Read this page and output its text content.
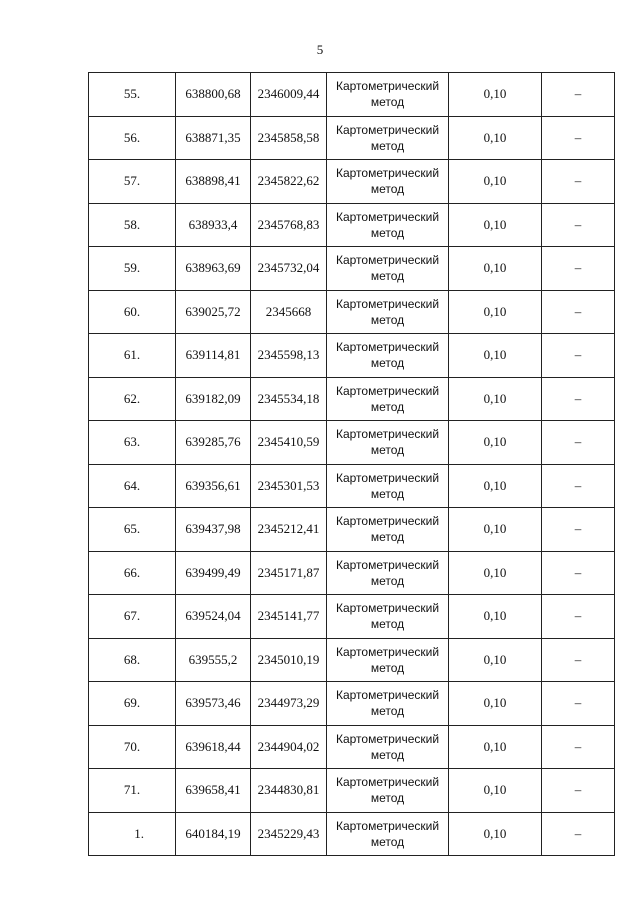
5
55.	638800,68	2346009,44	Картометрический
метод	0,10	–
56.	638871,35	2345858,58	Картометрический
метод	0,10	–
57.	638898,41	2345822,62	Картометрический
метод	0,10	–
58.	638933,4	2345768,83	Картометрический
метод	0,10	–
59.	638963,69	2345732,04	Картометрический
метод	0,10	–
60.	639025,72	2345668	Картометрический
метод	0,10	–
61.	639114,81	2345598,13	Картометрический
метод	0,10	–
62.	639182,09	2345534,18	Картометрический
метод	0,10	–
63.	639285,76	2345410,59	Картометрический
метод	0,10	–
64.	639356,61	2345301,53	Картометрический
метод	0,10	–
65.	639437,98	2345212,41	Картометрический
метод	0,10	–
66.	639499,49	2345171,87	Картометрический
метод	0,10	–
67.	639524,04	2345141,77	Картометрический
метод	0,10	–
68.	639555,2	2345010,19	Картометрический
метод	0,10	–
69.	639573,46	2344973,29	Картометрический
метод	0,10	–
70.	639618,44	2344904,02	Картометрический
метод	0,10	–
71.	639658,41	2344830,81	Картометрический
метод	0,10	–
1.	640184,19	2345229,43	Картометрический
метод	0,10	–
